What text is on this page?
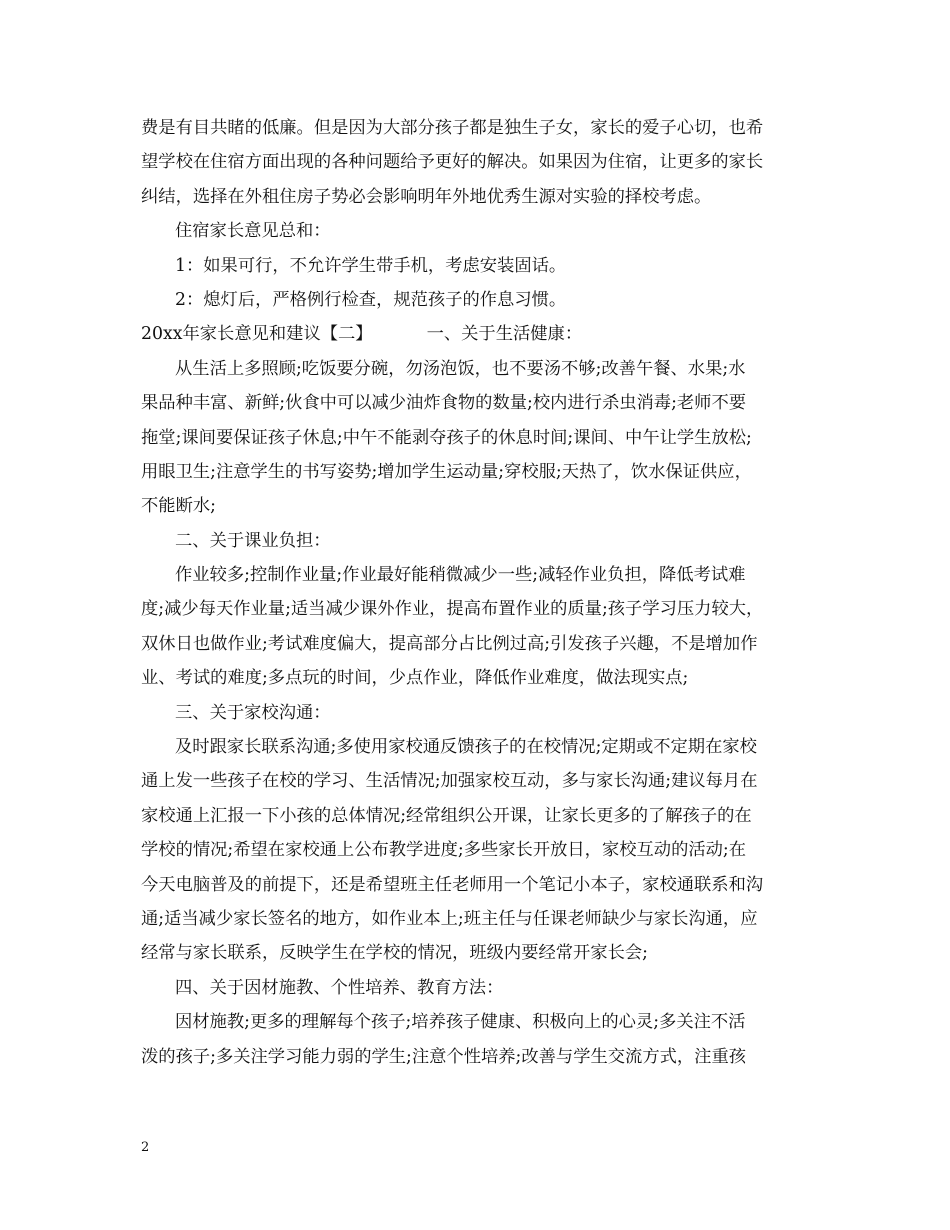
费是有目共睹的低廉。但是因为大部分孩子都是独生子女，家长的爱子心切，也希
望学校在住宿方面出现的各种问题给予更好的解决。如果因为住宿，让更多的家长
纠结，选择在外租住房子势必会影响明年外地优秀生源对实验的择校考虑。
住宿家长意见总和：
1：如果可行，不允许学生带手机，考虑安装固话。
2：熄灯后，严格例行检查，规范孩子的作息习惯。
20xx年家长意见和建议【二】	一、关于生活健康：
从生活上多照顾;吃饭要分碗，勿汤泡饭，也不要汤不够;改善午餐、水果;水
果品种丰富、新鲜;伙食中可以减少油炸食物的数量;校内进行杀虫消毒;老师不要
拖堂;课间要保证孩子休息;中午不能剥夺孩子的休息时间;课间、中午让学生放松;
用眼卫生;注意学生的书写姿势;增加学生运动量;穿校服;天热了，饮水保证供应，
不能断水;
二、关于课业负担：
作业较多;控制作业量;作业最好能稍微减少一些;减轻作业负担，降低考试难
度;减少每天作业量;适当减少课外作业，提高布置作业的质量;孩子学习压力较大，
双休日也做作业;考试难度偏大，提高部分占比例过高;引发孩子兴趣，不是增加作
业、考试的难度;多点玩的时间，少点作业，降低作业难度，做法现实点;
三、关于家校沟通：
及时跟家长联系沟通;多使用家校通反馈孩子的在校情况;定期或不定期在家校
通上发一些孩子在校的学习、生活情况;加强家校互动，多与家长沟通;建议每月在
家校通上汇报一下小孩的总体情况;经常组织公开课，让家长更多的了解孩子的在
学校的情况;希望在家校通上公布教学进度;多些家长开放日，家校互动的活动;在
今天电脑普及的前提下，还是希望班主任老师用一个笔记小本子，家校通联系和沟
通;适当减少家长签名的地方，如作业本上;班主任与任课老师缺少与家长沟通，应
经常与家长联系，反映学生在学校的情况，班级内要经常开家长会;
四、关于因材施教、个性培养、教育方法：
因材施教;更多的理解每个孩子;培养孩子健康、积极向上的心灵;多关注不活
泼的孩子;多关注学习能力弱的学生;注意个性培养;改善与学生交流方式，注重孩
2
